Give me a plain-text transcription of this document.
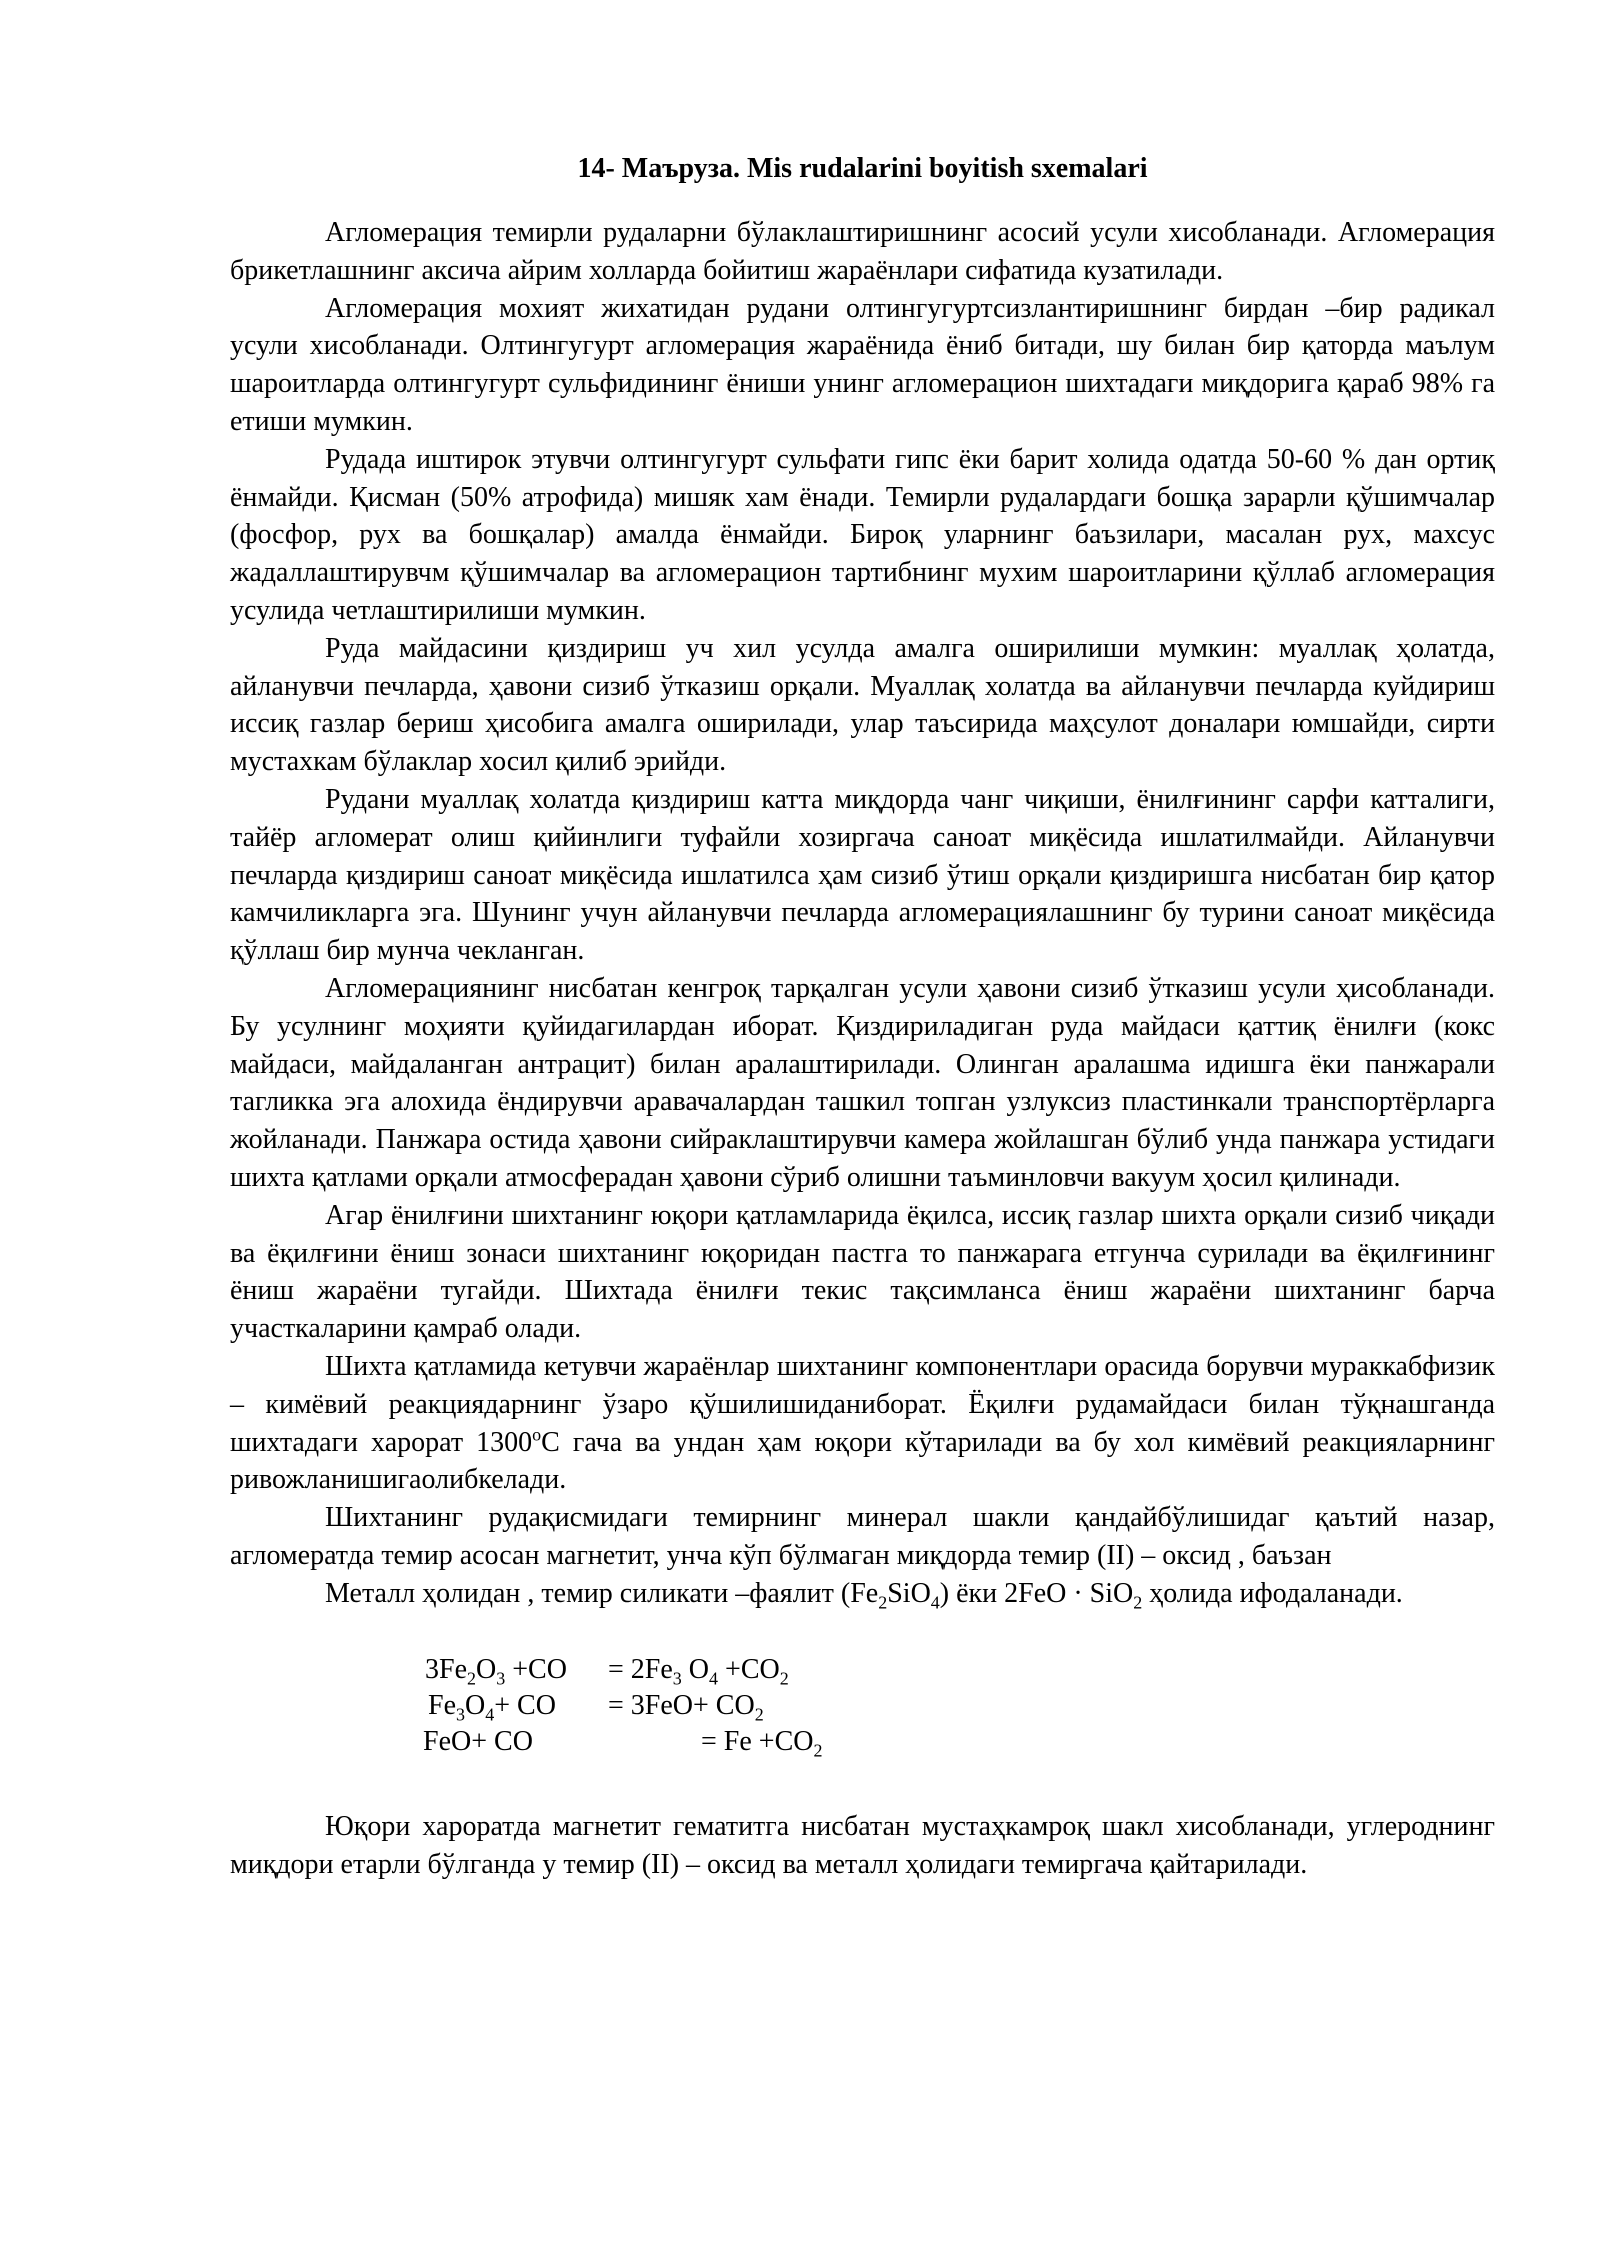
14- Маъруза. Mis rudalarini boyitish sxemalari

Агломерация темирли рудаларни бўлаклаштиришнинг асосий усули хисобланади. Агломерация брикетлашнинг аксича айрим холларда бойитиш жараёнлари сифатида кузатилади.

Агломерация мохият жихатидан рудани олтингугуртсизлантиришнинг бирдан –бир радикал усули хисобланади. Олтингугурт агломерация жараёнида ёниб битади, шу билан бир қаторда маълум шароитларда олтингугурт сульфидининг ёниши унинг агломерацион шихтадаги миқдорига қараб 98% га етиши мумкин.

Рудада иштирок этувчи олтингугурт сульфати гипс ёки барит холида одатда 50-60 % дан ортиқ ёнмайди. Қисман (50% атрофида) мишяк хам ёнади. Темирли рудалардаги бошқа зарарли қўшимчалар (фосфор, рух ва бошқалар) амалда ёнмайди. Бироқ уларнинг баъзилари, масалан рух, махсус жадаллаштирувчм қўшимчалар ва агломерацион тартибнинг мухим шароитларини қўллаб агломерация усулида четлаштирилиши мумкин.

Руда майдасини қиздириш уч хил усулда амалга оширилиши мумкин: муаллақ ҳолатда, айланувчи печларда, ҳавони сизиб ўтказиш орқали. Муаллақ холатда ва айланувчи печларда куйдириш иссиқ газлар бериш ҳисобига амалга оширилади, улар таъсирида маҳсулот доналари юмшайди, сирти мустахкам бўлаклар хосил қилиб эрийди.

Рудани муаллақ холатда қиздириш катта миқдорда чанг чиқиши, ёнилғининг сарфи катталиги, тайёр агломерат олиш қийинлиги туфайли хозиргача саноат миқёсида ишлатилмайди. Айланувчи печларда қиздириш саноат миқёсида ишлатилса ҳам сизиб ўтиш орқали қиздиришга нисбатан бир қатор камчиликларга эга. Шунинг учун айланувчи печларда агломерациялашнинг бу турини саноат миқёсида қўллаш бир мунча чекланган.

Агломерациянинг нисбатан кенгроқ тарқалган усули ҳавони сизиб ўтказиш усули ҳисобланади. Бу усулнинг моҳияти қуйидагилардан иборат. Қиздириладиган руда майдаси қаттиқ ёнилғи (кокс майдаси, майдаланган антрацит) билан аралаштирилади. Олинган аралашма идишга ёки панжарали тагликка эга алохида ёндирувчи аравачалардан ташкил топган узлуксиз пластинкали транспортёрларга жойланади. Панжара остида ҳавони сийраклаштирувчи камера жойлашган бўлиб унда панжара устидаги шихта қатлами орқали атмосферадан ҳавони сўриб олишни таъминловчи вакуум ҳосил қилинади.

Агар ёнилғини шихтанинг юқори қатламларида ёқилса, иссиқ газлар шихта орқали сизиб чиқади ва ёқилғини ёниш зонаси шихтанинг юқоридан пастга то панжарага етгунча сурилади ва ёқилғининг ёниш жараёни тугайди. Шихтада ёнилғи текис тақсимланса ёниш жараёни шихтанинг барча участкаларини қамраб олади.

Шихта қатламида кетувчи жараёнлар шихтанинг компонентлари орасида борувчи мураккабфизик – кимёвий реакциядарнинг ўзаро қўшилишиданиборат. Ёқилғи рудамайдаси билан тўқнашганда шихтадаги харорат $1300^оС$ гача ва ундан ҳам юқори кўтарилади ва бу хол кимёвий реакцияларнинг ривожланишигаолибкелади.

Шихтанинг рудақисмидаги темирнинг минерал шакли қандайбўлишидаг қаътий назар, агломератда темир асосан магнетит, унча кўп бўлмаган миқдорда темир (II) – оксид , баъзан

Металл ҳолидан , темир силикати –фаялит $(Fe_2SiO_4)$ ёки 2FeO · SiO$_2$ ҳолида ифодаланади.

$3Fe_2O_3 +CO$	= $2Fe_3$ $O_4 +CO_2$
$Fe_3O_4+$ CO	= $3FeO+ CO_2$
FeO+ CO	= $Fe +CO_2$

Юқори хароратда магнетит гематитга нисбатан мустаҳкамроқ шакл хисобланади, углероднинг миқдори етарли бўлганда у темир (II) – оксид ва металл ҳолидаги темиргача қайтарилади.
